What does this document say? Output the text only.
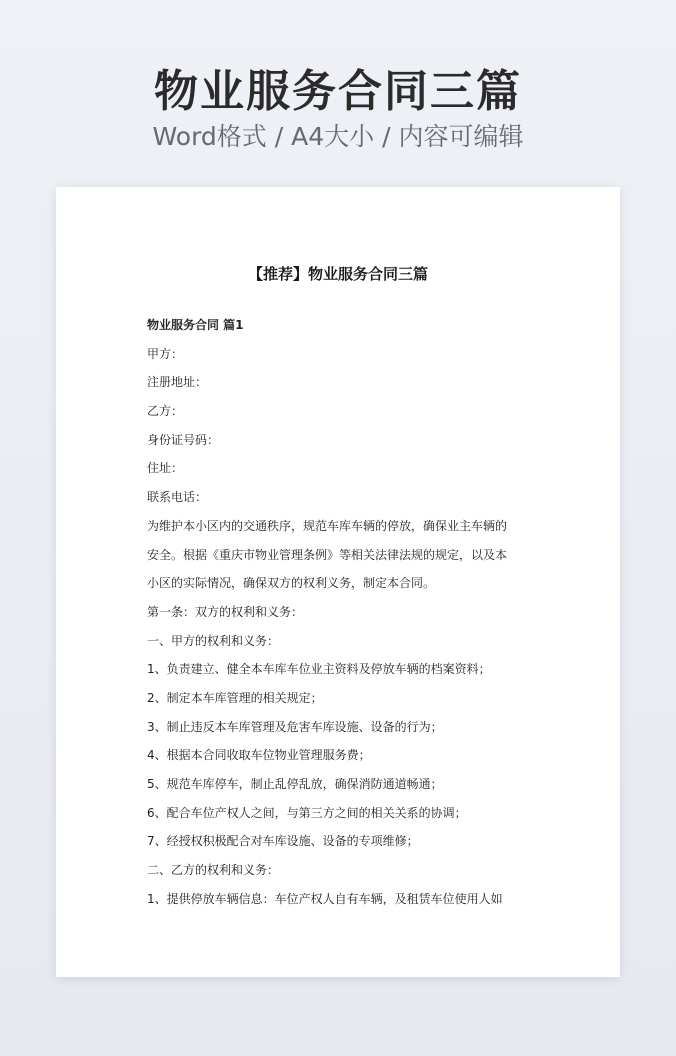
物业服务合同三篇
Word格式 / A4大小 / 内容可编辑
【推荐】物业服务合同三篇
物业服务合同 篇1
甲方：
注册地址：
乙方：
身份证号码：
住址：
联系电话：
为维护本小区内的交通秩序，规范车库车辆的停放，确保业主车辆的
安全。根据《重庆市物业管理条例》等相关法律法规的规定，以及本
小区的实际情况，确保双方的权利义务，制定本合同。
第一条：双方的权利和义务：
一、甲方的权利和义务：
1、负责建立、健全本车库车位业主资料及停放车辆的档案资料；
2、制定本车库管理的相关规定；
3、制止违反本车库管理及危害车库设施、设备的行为；
4、根据本合同收取车位物业管理服务费；
5、规范车库停车，制止乱停乱放，确保消防通道畅通；
6、配合车位产权人之间，与第三方之间的相关关系的协调；
7、经授权积极配合对车库设施、设备的专项维修；
二、乙方的权利和义务：
1、提供停放车辆信息：车位产权人自有车辆，及租赁车位使用人如
